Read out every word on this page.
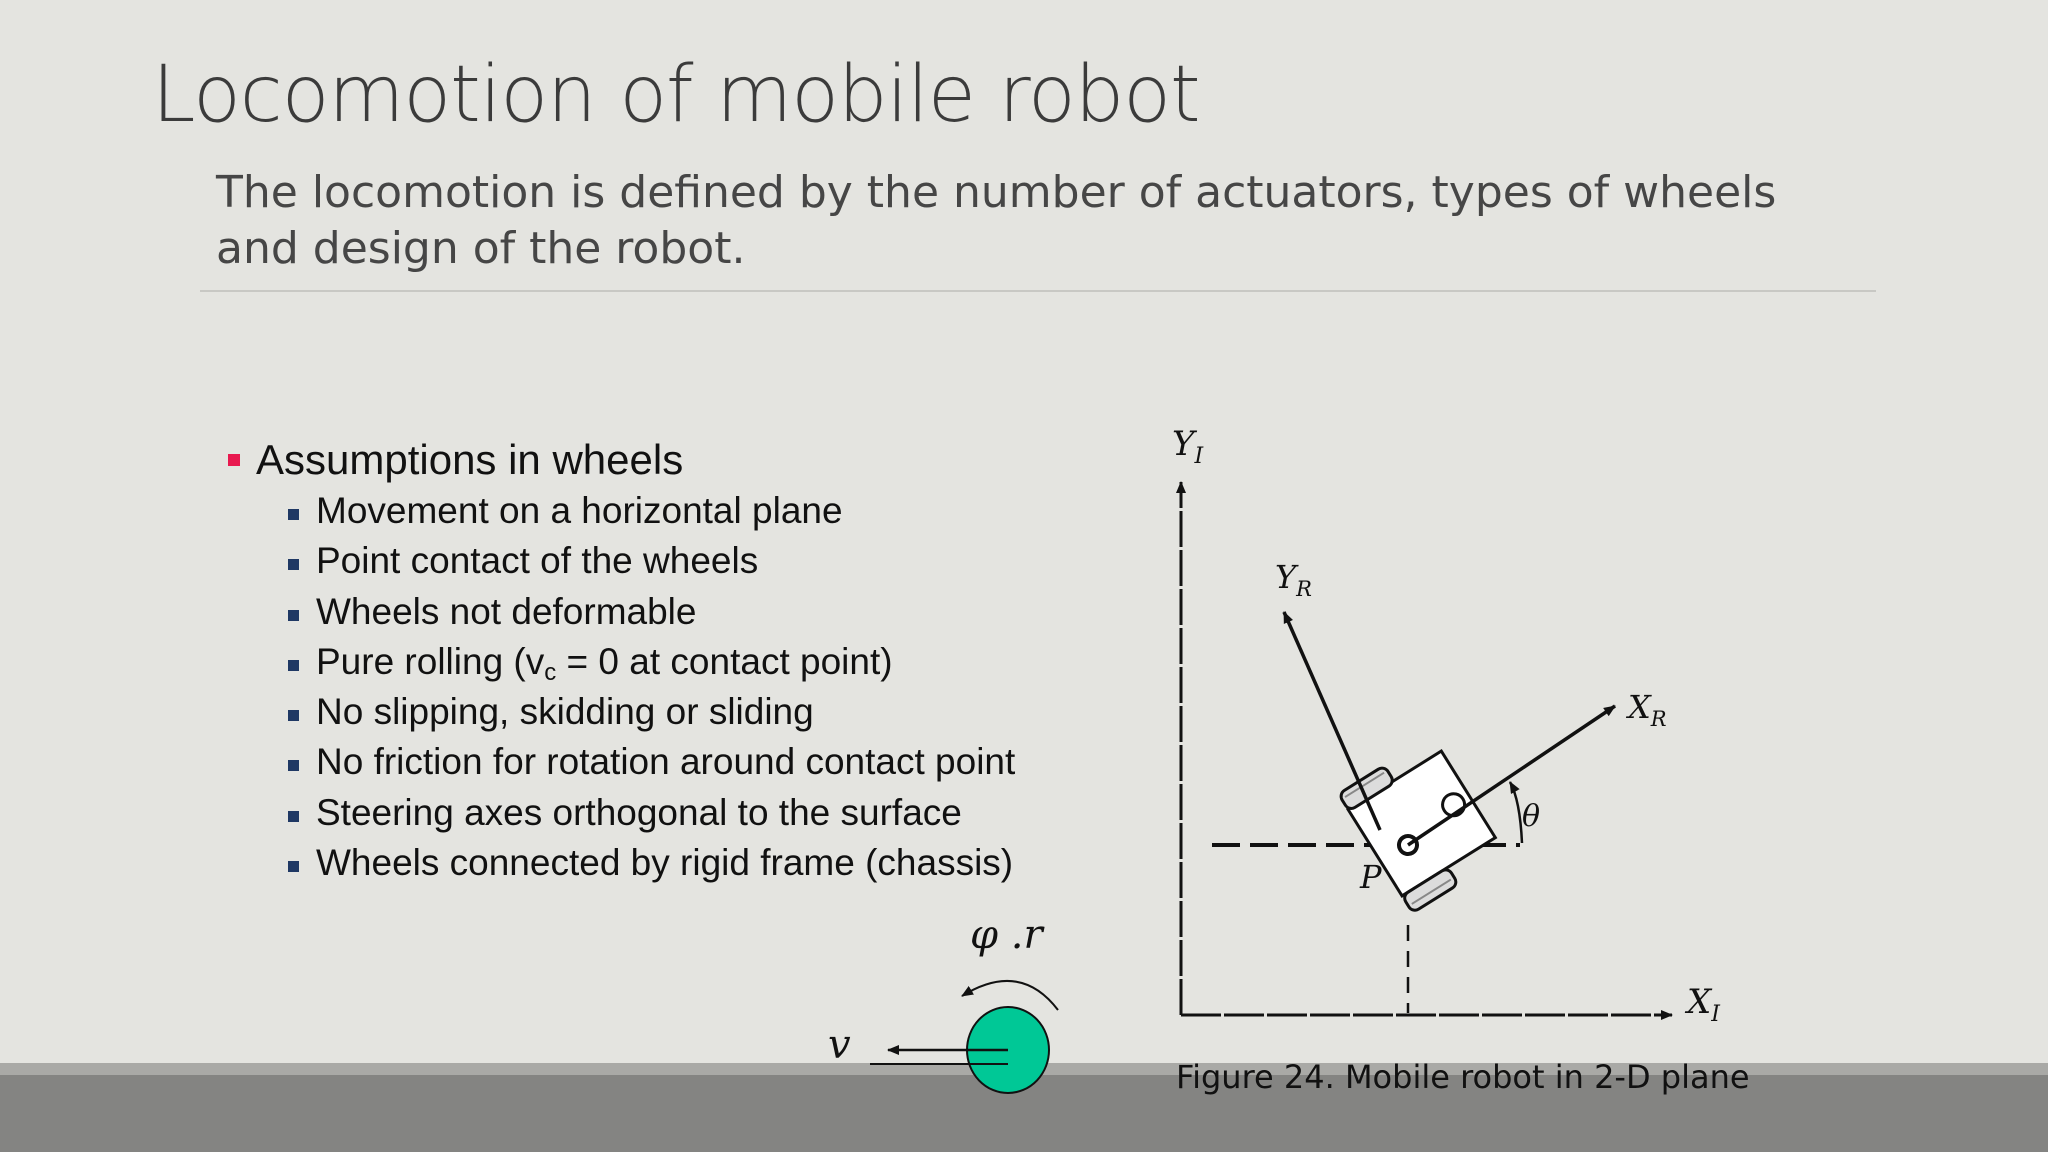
Locomotion of mobile robot
The locomotion is defined by the number of actuators, types of wheels and design of the robot.
Assumptions in wheels
Movement on a horizontal plane
Point contact of the wheels
Wheels not deformable
Pure rolling ($v_c = 0$ at contact point)
No slipping, skidding or sliding
No friction for rotation around contact point
Steering axes orthogonal to the surface
Wheels connected by rigid frame (chassis)
$Y_I$
$X_I$
$Y_R$
$X_R$
θ
P
φ .r
v
Figure 24. Mobile robot in 2-D plane
